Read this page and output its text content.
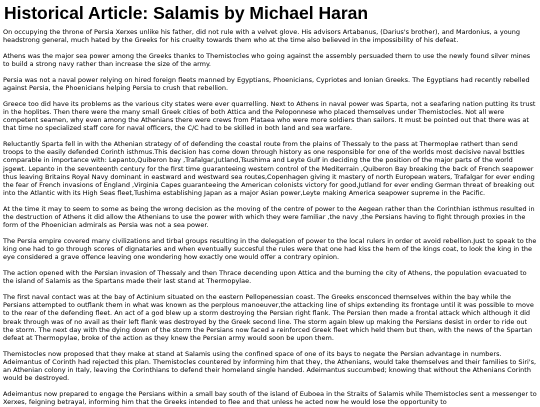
Historical Article: Salamis by Michael Haran

On occupying the throne of Persia Xerxes unlike his father, did not rule with a velvet glove. His advisors Artabanus, (Darius's brother), and Mardonius, a young headstrong general, much hated by the Greeks for his cruelty towards them who at the time also believed in the impossibility of his defeat.

Athens was the major sea power among the Greeks thanks to Themistocles who going against the assembly persuaded them to use the newly found silver mines to build a strong navy rather than increase the size of the army.

Persia was not a naval power relying on hired foreign fleets manned by Egyptians, Phoenicians, Cypriotes and Ionian Greeks. The Egyptians had recently rebelled against Persia, the Phoenicians helping Persia to crush that rebellion.

Greece too did have its problems as the various city states were ever quarrelling. Next to Athens in naval power was Sparta, not a seafaring nation putting its trust in the hoplites. Then there were the many small Greek cities of both Attica and the Peloponnese who placed themselves under Themistocles. Not all were competent seamen, why even among the Athenians there were crews from Plataea who were more soldiers than sailors. It must be pointed out that there was at that time no specialized staff core for naval officers, the C/C had to be skilled in both land and sea warfare.

Reluctantly Sparta fell in with the Athenian strategy of of defending the coastal route from the plains of Thessaly to the pass at Thermoplae rathert than send troops to the easily defended Corinth isthmus.This decision has come down through history as one responsible for one of the worlds most decisive naval bsttles comparable in importance with: Lepanto,Quiberon bay ,Trafalgar,Jutland,Tsushima and Leyte Gulf in deciding the the position of the major parts of the world jsgewt. Lepanto in the seventeenth century for the first time guaranteeing western control of the Mediterrain ,Quiberon Bay breaking the back of French seapower thus leaving Britains Royal Navy dominant in eastward and westward sea routes,Copenhagen giving it mastery of north European waters, Trafalgar for ever ending the fear of French invasions of England ,Virginia Capes guaranteeing the American colonists victory for good,Jutland for ever ending German threat of breaking out into the Atlantic with its High Seas fleet,Tushima establishing Japan as a major Asian power,Leyte making America seapower supreme in the Pacific.

At the time it may to seem to some as being the wrong decision as the moving of the centre of power to the Aegean rather than the Corinthian isthmus resulted in the destruction of Athens it did allow the Athenians to use the power with which they were familiar ,the navy ,the Persians having to fight through proxies in the form of the Phoenician admirals as Persia was not a sea power.

The Persia empire covered many civilizations and tirbal groups resulting in the delegation of power to the local rulers in order ot avoid rebellion.Just to speak to the king one had to go through scores of dignataries and when eventually succesful the rules were that one had kiss the hem of the kings coat, to look the king in the eye considered a grave offence leaving one wondering how exactly one would offer a contrary opinion.

The action opened with the Persian invasion of Thessaly and then Thrace decending upon Attica and the burning the city of Athens, the population evacuated to the island of Salamis as the Spartans made their last stand at Thermopylae.

The first naval contact was at the bay of Actinium situated on the eastern Pellopenessian coast. The Greeks ensconced themselves within the bay while the Persians attempted to outflank them in what was known as the perplous manoeuver,the attacking line of ships extending its frontage until it was possible to move to the rear of the defending fleet. An act of a god blew up a storm destroying the Persian right flank. The Persian then made a frontal attack which although it did break through was of no avail as their left flank was destroyed by the Greek second line. The storm again blew up making the Persians desist in order to ride out the storm. The next day with the dying down of the storm the Persians now faced a reinforced Greek fleet which held them but then, with the news of the Spartan defeat at Thermopylae, broke of the action as they knew the Persian army would soon be upon them.

Themistocles now proposed that they make at stand at Salamis using the confined space of one of its bays to negate the Persian advantage in numbers. Adeimantus of Corinth had rejected this plan. Themistocles countered by informing him that they, the Athenians, would take themselves and their families to Siri's, an Athenian colony in Italy, leaving the Corinthians to defend their homeland single handed. Adeimantus succumbed; knowing that without the Athenians Corinth would be destroyed.

Adeimantus now prepared to engage the Persians within a small bay south of the island of Euboea in the Straits of Salamis while Themistocles sent a messenger to Xerxes, feigning betrayal, informing him that the Greeks intended to flee and that unless he acted now he would lose the opportunity to
